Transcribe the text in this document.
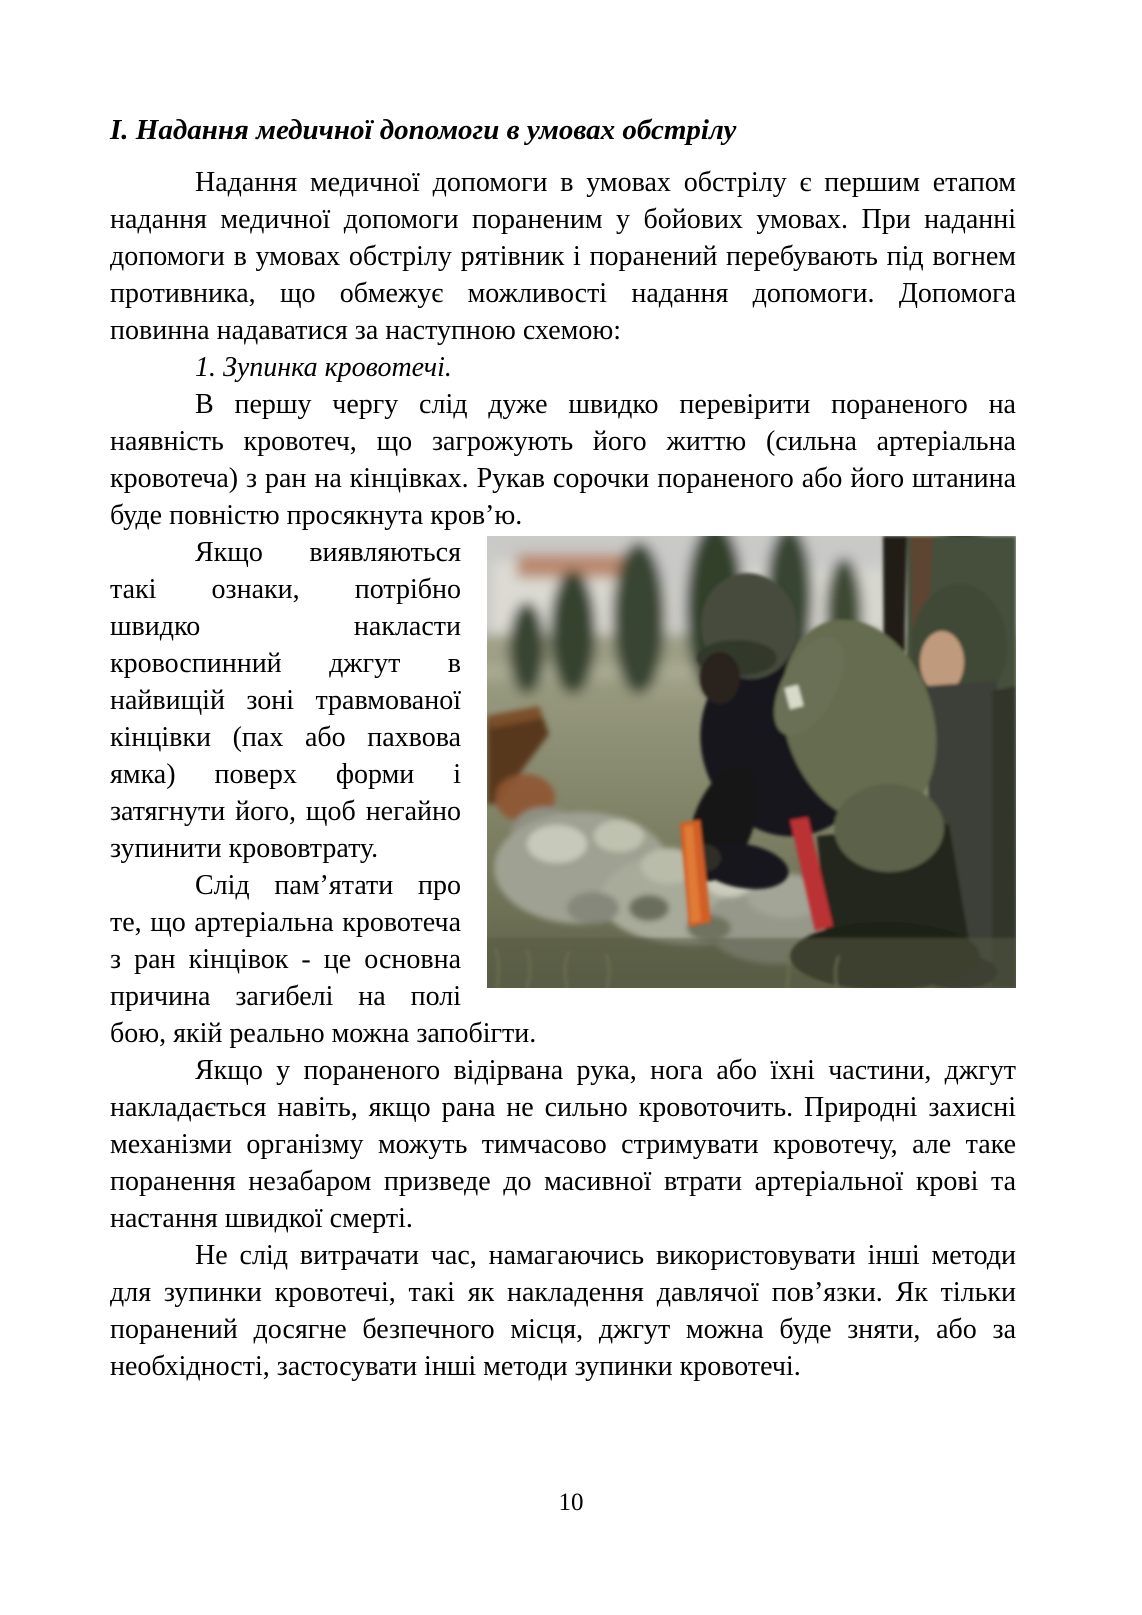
І. Надання медичної допомоги в умовах обстрілу

Надання медичної допомоги в умовах обстрілу є першим етапом надання медичної допомоги пораненим у бойових умовах. При наданні допомоги в умовах обстрілу рятівник і поранений перебувають під вогнем противника, що обмежує можливості надання допомоги. Допомога повинна надаватися за наступною схемою:

1. Зупинка кровотечі.

В першу чергу слід дуже швидко перевірити пораненого на наявність кровотеч, що загрожують його життю (сильна артеріальна кровотеча) з ран на кінцівках. Рукав сорочки пораненого або його штанина буде повністю просякнута кров’ю.

Якщо виявляються такі ознаки, потрібно швидко накласти кровоспинний джгут в найвищій зоні травмованої кінцівки (пах або пахвова ямка) поверх форми і затягнути його, щоб негайно зупинити крововтрату.

Слід пам’ятати про те, що артеріальна кровотеча з ран кінцівок - це основна причина загибелі на полі бою, якій реально можна запобігти.

Якщо у пораненого відірвана рука, нога або їхні частини, джгут накладається навіть, якщо рана не сильно кровоточить. Природні захисні механізми організму можуть тимчасово стримувати кровотечу, але таке поранення незабаром призведе до масивної втрати артеріальної крові та настання швидкої смерті.

Не слід витрачати час, намагаючись використовувати інші методи для зупинки кровотечі, такі як накладення давлячої пов’язки. Як тільки поранений досягне безпечного місця, джгут можна буде зняти, або за необхідності, застосувати інші методи зупинки кровотечі.

10
